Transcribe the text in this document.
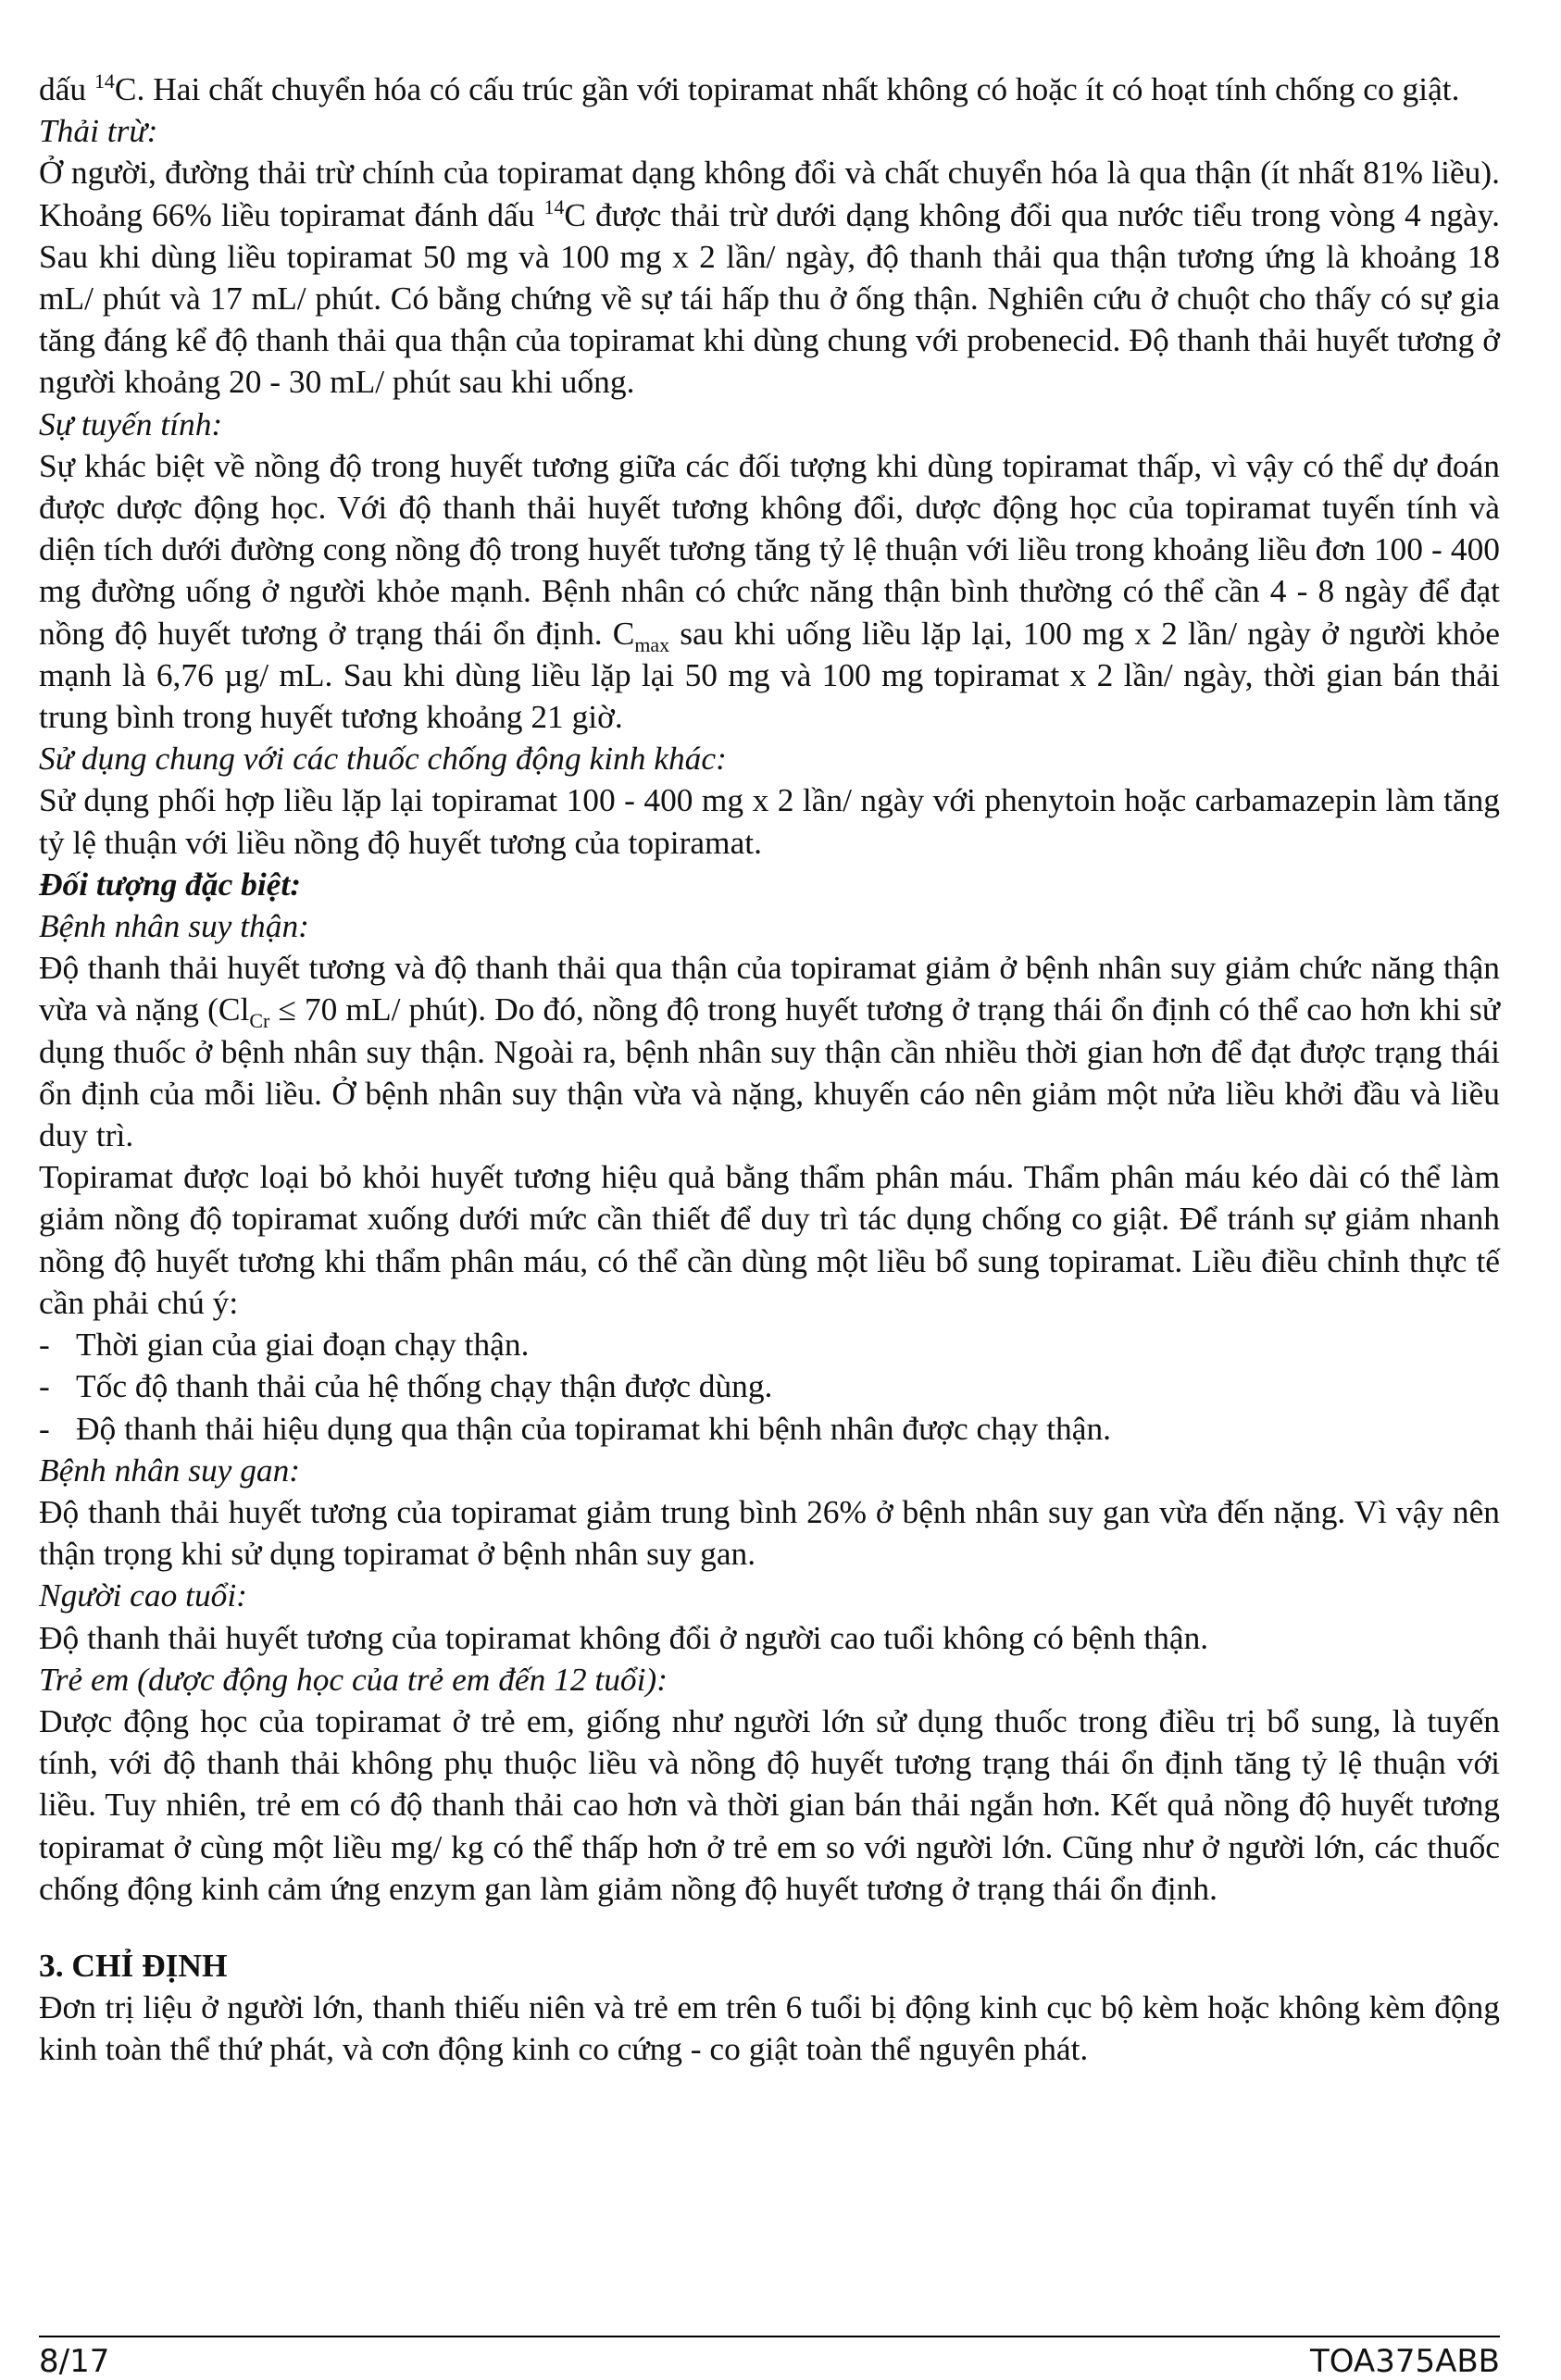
dấu $^{14}$C. Hai chất chuyển hóa có cấu trúc gần với topiramat nhất không có hoặc ít có hoạt tính chống co giật.

Thải trừ:

Ở người, đường thải trừ chính của topiramat dạng không đổi và chất chuyển hóa là qua thận (ít nhất 81% liều). Khoảng 66% liều topiramat đánh dấu $^{14}$C được thải trừ dưới dạng không đổi qua nước tiểu trong vòng 4 ngày. Sau khi dùng liều topiramat 50 mg và 100 mg x 2 lần/ ngày, độ thanh thải qua thận tương ứng là khoảng 18 mL/ phút và 17 mL/ phút. Có bằng chứng về sự tái hấp thu ở ống thận. Nghiên cứu ở chuột cho thấy có sự gia tăng đáng kể độ thanh thải qua thận của topiramat khi dùng chung với probenecid. Độ thanh thải huyết tương ở người khoảng 20 - 30 mL/ phút sau khi uống.

Sự tuyến tính:

Sự khác biệt về nồng độ trong huyết tương giữa các đối tượng khi dùng topiramat thấp, vì vậy có thể dự đoán được dược động học. Với độ thanh thải huyết tương không đổi, dược động học của topiramat tuyến tính và diện tích dưới đường cong nồng độ trong huyết tương tăng tỷ lệ thuận với liều trong khoảng liều đơn 100 - 400 mg đường uống ở người khỏe mạnh. Bệnh nhân có chức năng thận bình thường có thể cần 4 - 8 ngày để đạt nồng độ huyết tương ở trạng thái ổn định. $C_{max}$ sau khi uống liều lặp lại, 100 mg x 2 lần/ ngày ở người khỏe mạnh là 6,76 µg/ mL. Sau khi dùng liều lặp lại 50 mg và 100 mg topiramat x 2 lần/ ngày, thời gian bán thải trung bình trong huyết tương khoảng 21 giờ.

Sử dụng chung với các thuốc chống động kinh khác:

Sử dụng phối hợp liều lặp lại topiramat 100 - 400 mg x 2 lần/ ngày với phenytoin hoặc carbamazepin làm tăng tỷ lệ thuận với liều nồng độ huyết tương của topiramat.

Đối tượng đặc biệt:

Bệnh nhân suy thận:

Độ thanh thải huyết tương và độ thanh thải qua thận của topiramat giảm ở bệnh nhân suy giảm chức năng thận vừa và nặng ($Cl_{Cr} \le 70$ mL/ phút). Do đó, nồng độ trong huyết tương ở trạng thái ổn định có thể cao hơn khi sử dụng thuốc ở bệnh nhân suy thận. Ngoài ra, bệnh nhân suy thận cần nhiều thời gian hơn để đạt được trạng thái ổn định của mỗi liều. Ở bệnh nhân suy thận vừa và nặng, khuyến cáo nên giảm một nửa liều khởi đầu và liều duy trì.

Topiramat được loại bỏ khỏi huyết tương hiệu quả bằng thẩm phân máu. Thẩm phân máu kéo dài có thể làm giảm nồng độ topiramat xuống dưới mức cần thiết để duy trì tác dụng chống co giật. Để tránh sự giảm nhanh nồng độ huyết tương khi thẩm phân máu, có thể cần dùng một liều bổ sung topiramat. Liều điều chỉnh thực tế cần phải chú ý:

- Thời gian của giai đoạn chạy thận.

- Tốc độ thanh thải của hệ thống chạy thận được dùng.

- Độ thanh thải hiệu dụng qua thận của topiramat khi bệnh nhân được chạy thận.

Bệnh nhân suy gan:

Độ thanh thải huyết tương của topiramat giảm trung bình 26% ở bệnh nhân suy gan vừa đến nặng. Vì vậy nên thận trọng khi sử dụng topiramat ở bệnh nhân suy gan.

Người cao tuổi:

Độ thanh thải huyết tương của topiramat không đổi ở người cao tuổi không có bệnh thận.

Trẻ em (dược động học của trẻ em đến 12 tuổi):

Dược động học của topiramat ở trẻ em, giống như người lớn sử dụng thuốc trong điều trị bổ sung, là tuyến tính, với độ thanh thải không phụ thuộc liều và nồng độ huyết tương trạng thái ổn định tăng tỷ lệ thuận với liều. Tuy nhiên, trẻ em có độ thanh thải cao hơn và thời gian bán thải ngắn hơn. Kết quả nồng độ huyết tương topiramat ở cùng một liều mg/ kg có thể thấp hơn ở trẻ em so với người lớn. Cũng như ở người lớn, các thuốc chống động kinh cảm ứng enzym gan làm giảm nồng độ huyết tương ở trạng thái ổn định.

3. CHỈ ĐỊNH

Đơn trị liệu ở người lớn, thanh thiếu niên và trẻ em trên 6 tuổi bị động kinh cục bộ kèm hoặc không kèm động kinh toàn thể thứ phát, và cơn động kinh co cứng - co giật toàn thể nguyên phát.

8/17	TOA375ABB
